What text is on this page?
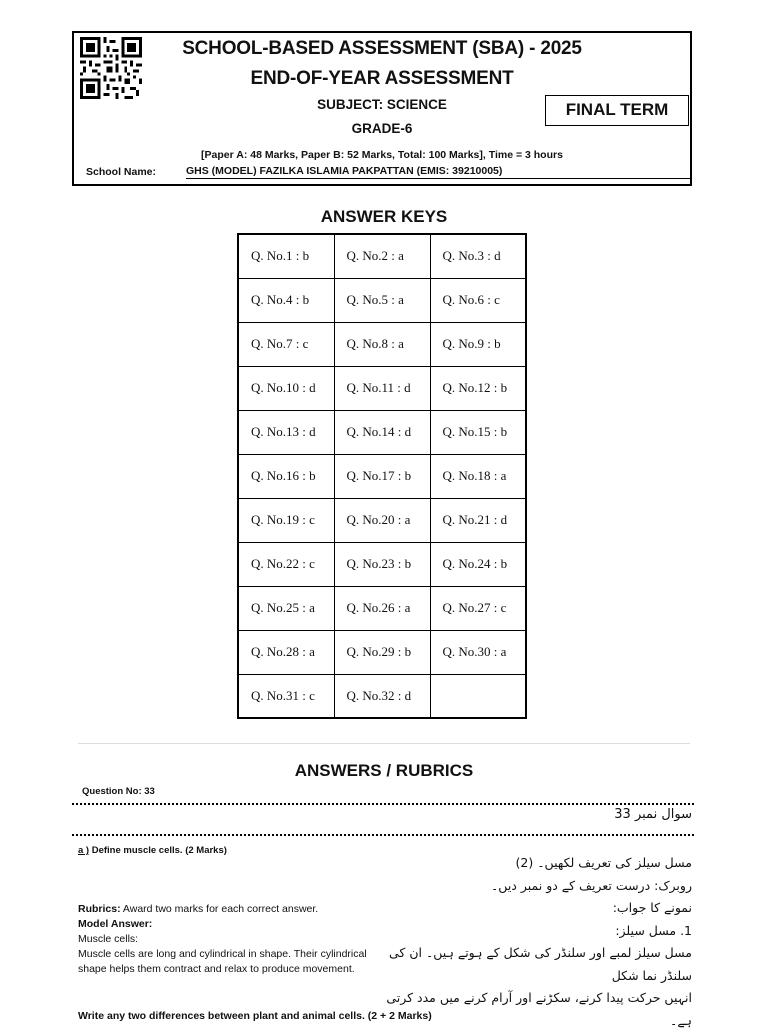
SCHOOL-BASED ASSESSMENT (SBA) - 2025
END-OF-YEAR ASSESSMENT
SUBJECT: SCIENCE
GRADE-6
FINAL TERM
[Paper A: 48 Marks, Paper B: 52 Marks, Total: 100 Marks], Time = 3 hours
School Name:	GHS (MODEL) FAZILKA ISLAMIA PAKPATTAN (EMIS: 39210005)
ANSWER KEYS
Q. No.1 : b	Q. No.2 : a	Q. No.3 : d
Q. No.4 : b	Q. No.5 : a	Q. No.6 : c
Q. No.7 : c	Q. No.8 : a	Q. No.9 : b
Q. No.10 : d	Q. No.11 : d	Q. No.12 : b
Q. No.13 : d	Q. No.14 : d	Q. No.15 : b
Q. No.16 : b	Q. No.17 : b	Q. No.18 : a
Q. No.19 : c	Q. No.20 : a	Q. No.21 : d
Q. No.22 : c	Q. No.23 : b	Q. No.24 : b
Q. No.25 : a	Q. No.26 : a	Q. No.27 : c
Q. No.28 : a	Q. No.29 : b	Q. No.30 : a
Q. No.31 : c	Q. No.32 : d	
ANSWERS / RUBRICS
Question No: 33
سوال نمبر 33
a ) Define muscle cells. (2 Marks)
Rubrics: Award two marks for each correct answer.
Model Answer:
Muscle cells:
Muscle cells are long and cylindrical in shape. Their cylindrical shape helps them contract and relax to produce movement.
مسل سیلز کی تعریف لکھیں۔ (2)
روبرک: درست تعریف کے دو نمبر دیں۔
نمونے کا جواب:
1. مسل سیلز:
مسل سیلز لمبے اور سلنڈر کی شکل کے ہوتے ہیں۔ ان کی سلنڈر نما شکل
انہیں حرکت پیدا کرنے، سکڑنے اور آرام کرنے میں مدد کرتی ہے۔
Write any two differences between plant and animal cells. (2 + 2 Marks)
